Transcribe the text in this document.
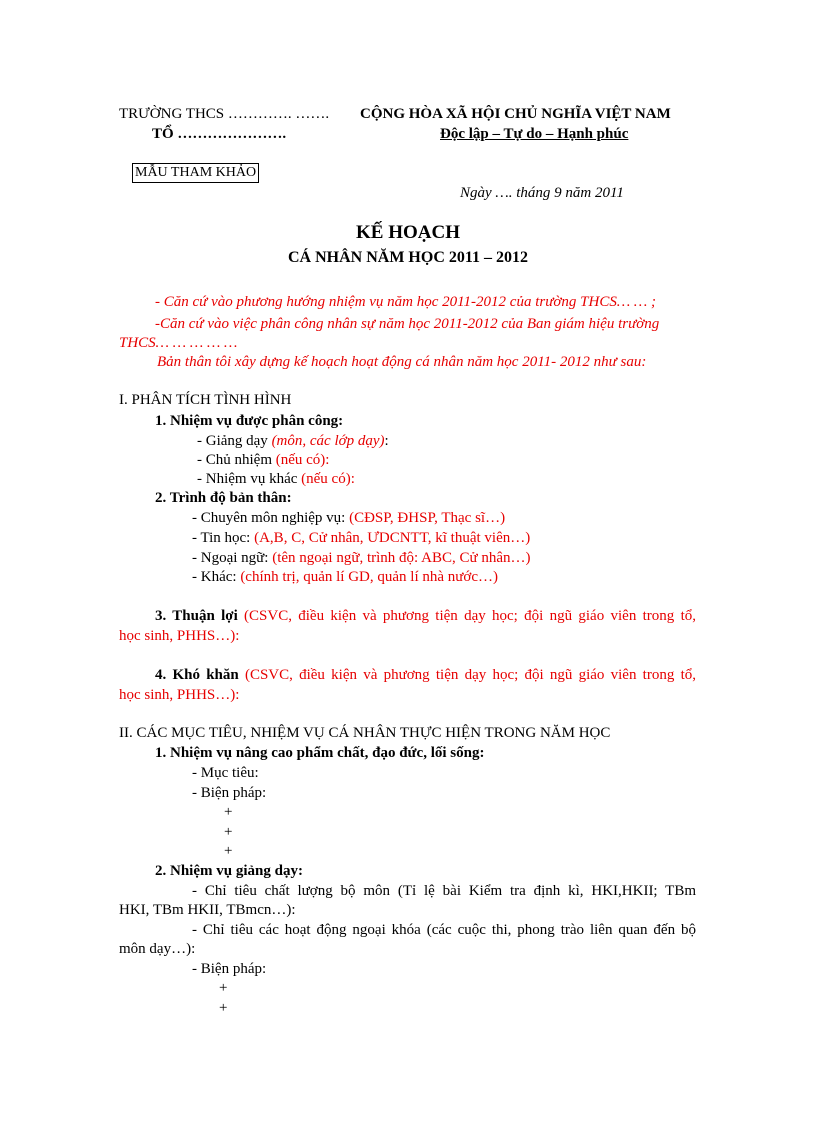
TRƯỜNG THCS …………. ……. CỘNG HÒA XÃ HỘI CHỦ NGHĨA VIỆT NAM
TỔ ………………….	Độc lập – Tự do – Hạnh phúc
MẪU THAM KHẢO
Ngày …. tháng 9 năm 2011
KẾ HOẠCH
CÁ NHÂN NĂM HỌC 2011 – 2012
- Căn cứ vào phương hướng nhiệm vụ năm học 2011-2012 của trường THCS… … ;
-Căn cứ vào việc phân công nhân sự năm học 2011-2012 của Ban giám hiệu trường
THCS… … … … …
Bản thân tôi xây dựng kế hoạch hoạt động cá nhân năm học 2011- 2012 như sau:
I. PHÂN TÍCH TÌNH HÌNH
1. Nhiệm vụ được phân công:
- Giảng dạy (môn, các lớp dạy):
- Chủ nhiệm (nếu có):
- Nhiệm vụ khác (nếu có):
2. Trình độ bản thân:
- Chuyên môn nghiệp vụ: (CĐSP, ĐHSP, Thạc sĩ…)
- Tin học: (A,B, C, Cử nhân, ƯDCNTT, kĩ thuật viên…)
- Ngoại ngữ: (tên ngoại ngữ, trình độ: ABC, Cử nhân…)
- Khác: (chính trị, quản lí GD, quản lí nhà nước…)
3. Thuận lợi (CSVC, điều kiện và phương tiện dạy học; đội ngũ giáo viên trong tổ,
học sinh, PHHS…):
4. Khó khăn (CSVC, điều kiện và phương tiện dạy học; đội ngũ giáo viên trong tổ,
học sinh, PHHS…):
II. CÁC MỤC TIÊU, NHIỆM VỤ CÁ NHÂN THỰC HIỆN TRONG NĂM HỌC
1. Nhiệm vụ nâng cao phẩm chất, đạo đức, lối sống:
- Mục tiêu:
- Biện pháp:
+
+
+
2. Nhiệm vụ giảng dạy:
- Chỉ tiêu chất lượng bộ môn (Tỉ lệ bài Kiểm tra định kì, HKI,HKII; TBm
HKI, TBm HKII, TBmcn…):
- Chỉ tiêu các hoạt động ngoại khóa (các cuộc thi, phong trào liên quan đến bộ
môn dạy…):
- Biện pháp:
+
+
